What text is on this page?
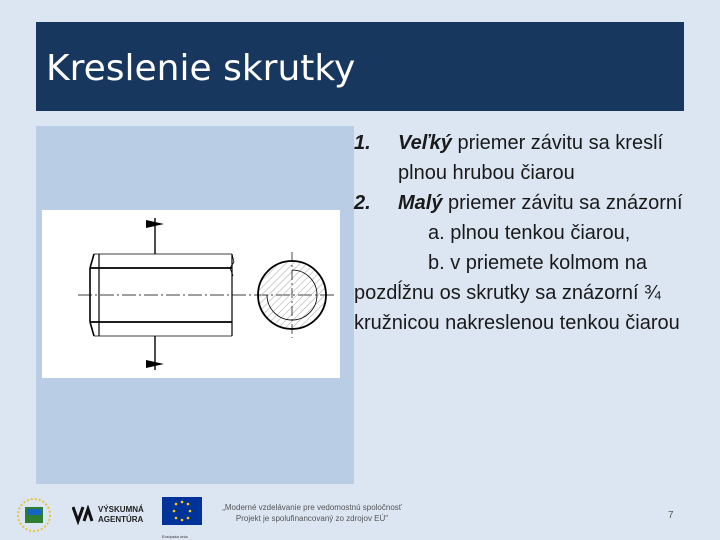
Kreslenie skrutky
1. Veľký priemer závitu sa kreslí plnou hrubou čiarou
2. Malý priemer závitu sa znázorní
a. plnou tenkou čiarou,
b. v priemete kolmom na
pozdĺžnu os skrutky sa znázorní ¾ kružnicou nakreslenou tenkou čiarou
VÝSKUMNÁ
AGENTÚRA
Európska únia
„Moderné vzdelávanie pre vedomostnú spoločnosť
Projekt je spolufinancovaný zo zdrojov EÚ"	7
